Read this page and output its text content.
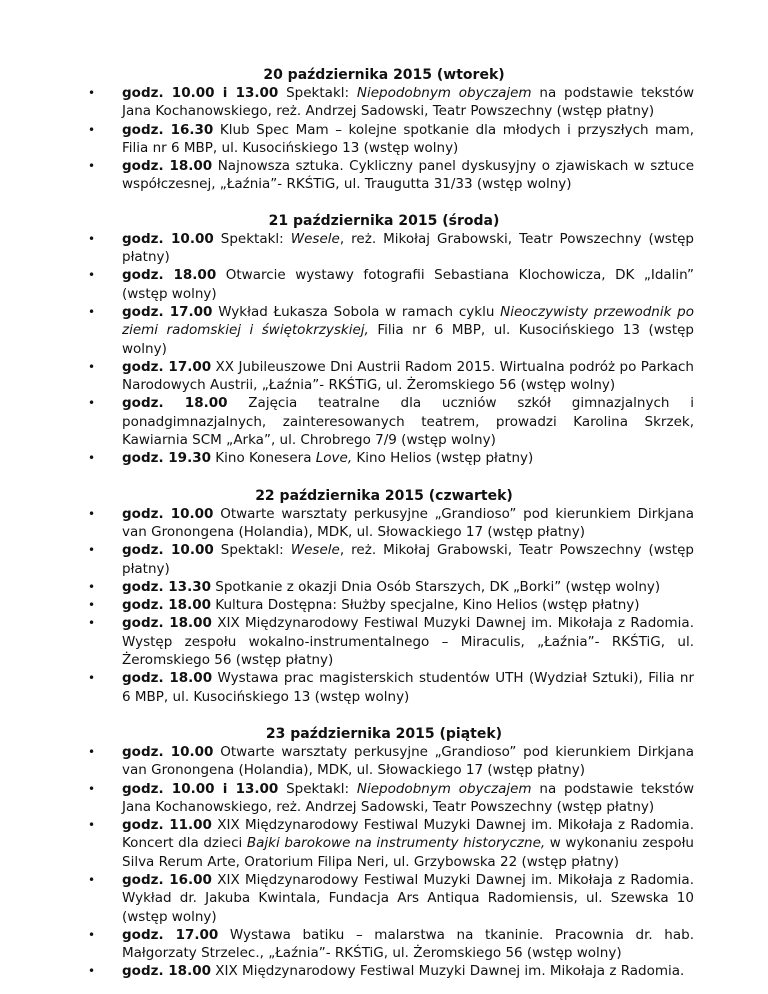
20 października 2015 (wtorek)
• godz. 10.00 i 13.00 Spektakl: Niepodobnym obyczajem na podstawie tekstów Jana Kochanowskiego, reż. Andrzej Sadowski, Teatr Powszechny (wstęp płatny)
• godz. 16.30 Klub Spec Mam – kolejne spotkanie dla młodych i przyszłych mam, Filia nr 6 MBP, ul. Kusocińskiego 13 (wstęp wolny)
• godz. 18.00 Najnowsza sztuka. Cykliczny panel dyskusyjny o zjawiskach w sztuce współczesnej, „Łaźnia”- RKŚTiG, ul. Traugutta 31/33 (wstęp wolny)
21 października 2015 (środa)
• godz. 10.00 Spektakl: Wesele, reż. Mikołaj Grabowski, Teatr Powszechny (wstęp płatny)
• godz. 18.00 Otwarcie wystawy fotografii Sebastiana Klochowicza, DK „Idalin” (wstęp wolny)
• godz. 17.00 Wykład Łukasza Sobola w ramach cyklu Nieoczywisty przewodnik po ziemi radomskiej i świętokrzyskiej, Filia nr 6 MBP, ul. Kusocińskiego 13 (wstęp wolny)
• godz. 17.00 XX Jubileuszowe Dni Austrii Radom 2015. Wirtualna podróż po Parkach Narodowych Austrii, „Łaźnia”- RKŚTiG, ul. Żeromskiego 56 (wstęp wolny)
• godz. 18.00 Zajęcia teatralne dla uczniów szkół gimnazjalnych i ponadgimnazjalnych, zainteresowanych teatrem, prowadzi Karolina Skrzek, Kawiarnia SCM „Arka”, ul. Chrobrego 7/9 (wstęp wolny)
• godz. 19.30 Kino Konesera Love, Kino Helios (wstęp płatny)
22 października 2015 (czwartek)
• godz. 10.00 Otwarte warsztaty perkusyjne „Grandioso” pod kierunkiem Dirkjana van Gronongena (Holandia), MDK, ul. Słowackiego 17 (wstęp płatny)
• godz. 10.00 Spektakl: Wesele, reż. Mikołaj Grabowski, Teatr Powszechny (wstęp płatny)
• godz. 13.30 Spotkanie z okazji Dnia Osób Starszych, DK „Borki” (wstęp wolny)
• godz. 18.00 Kultura Dostępna: Służby specjalne, Kino Helios (wstęp płatny)
• godz. 18.00 XIX Międzynarodowy Festiwal Muzyki Dawnej im. Mikołaja z Radomia. Występ zespołu wokalno-instrumentalnego – Miraculis, „Łaźnia”- RKŚTiG, ul. Żeromskiego 56 (wstęp płatny)
• godz. 18.00 Wystawa prac magisterskich studentów UTH (Wydział Sztuki), Filia nr 6 MBP, ul. Kusocińskiego 13 (wstęp wolny)
23 października 2015 (piątek)
• godz. 10.00 Otwarte warsztaty perkusyjne „Grandioso” pod kierunkiem Dirkjana van Gronongena (Holandia), MDK, ul. Słowackiego 17 (wstęp płatny)
• godz. 10.00 i 13.00 Spektakl: Niepodobnym obyczajem na podstawie tekstów Jana Kochanowskiego, reż. Andrzej Sadowski, Teatr Powszechny (wstęp płatny)
• godz. 11.00 XIX Międzynarodowy Festiwal Muzyki Dawnej im. Mikołaja z Radomia. Koncert dla dzieci Bajki barokowe na instrumenty historyczne, w wykonaniu zespołu Silva Rerum Arte, Oratorium Filipa Neri, ul. Grzybowska 22 (wstęp płatny)
• godz. 16.00 XIX Międzynarodowy Festiwal Muzyki Dawnej im. Mikołaja z Radomia. Wykład dr. Jakuba Kwintala, Fundacja Ars Antiqua Radomiensis, ul. Szewska 10 (wstęp wolny)
• godz. 17.00 Wystawa batiku – malarstwa na tkaninie. Pracownia dr. hab. Małgorzaty Strzelec., „Łaźnia”- RKŚTiG, ul. Żeromskiego 56 (wstęp wolny)
• godz. 18.00 XIX Międzynarodowy Festiwal Muzyki Dawnej im. Mikołaja z Radomia.
